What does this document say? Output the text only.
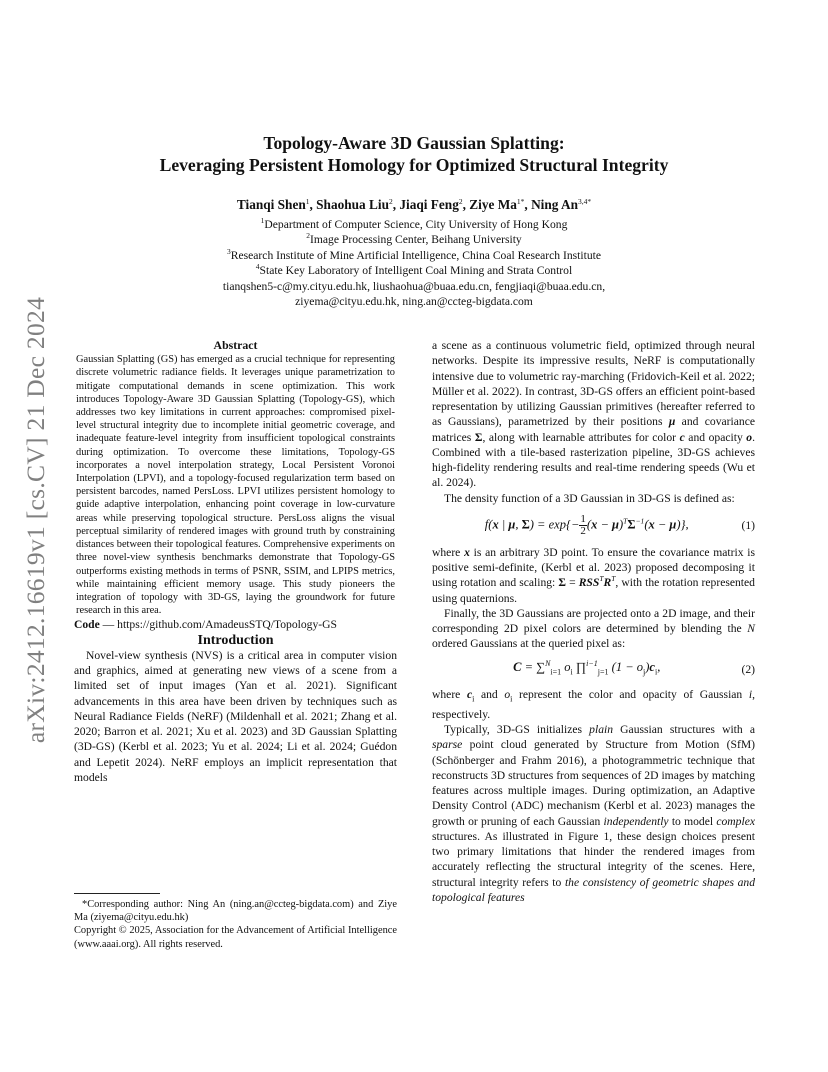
arXiv:2412.16619v1 [cs.CV] 21 Dec 2024

Topology-Aware 3D Gaussian Splatting:

Leveraging Persistent Homology for Optimized Structural Integrity

Tianqi Shen$^1$, Shaohua Liu$^2$, Jiaqi Feng$^2$, Ziye $Ma^{1*}$, Ning $An^{3,4*}$
$^1$Department of Computer Science, City University of Hong Kong
$^2$Image Processing Center, Beihang University
$^3$Research Institute of Mine Artificial Intelligence, China Coal Research Institute
$^4$State Key Laboratory of Intelligent Coal Mining and Strata Control
tianqshen5-c@my.cityu.edu.hk, liushaohua@buaa.edu.cn, fengjiaqi@buaa.edu.cn,
ziyema@cityu.edu.hk, ning.an@ccteg-bigdata.com

Abstract

Gaussian Splatting (GS) has emerged as a crucial technique for representing discrete volumetric radiance fields. It leverages unique parametrization to mitigate computational demands in scene optimization. This work introduces Topology-Aware 3D Gaussian Splatting (Topology-GS), which addresses two key limitations in current approaches: compromised pixel-level structural integrity due to incomplete initial geometric coverage, and inadequate feature-level integrity from insufficient topological constraints during optimization. To overcome these limitations, Topology-GS incorporates a novel interpolation strategy, Local Persistent Voronoi Interpolation (LPVI), and a topology-focused regularization term based on persistent barcodes, named PersLoss. LPVI utilizes persistent homology to guide adaptive interpolation, enhancing point coverage in low-curvature areas while preserving topological structure. PersLoss aligns the visual perceptual similarity of rendered images with ground truth by constraining distances between their topological features. Comprehensive experiments on three novel-view synthesis benchmarks demonstrate that Topology-GS outperforms existing methods in terms of PSNR, SSIM, and LPIPS metrics, while maintaining efficient memory usage. This study pioneers the integration of topology with 3D-GS, laying the groundwork for future research in this area.

Code — https://github.com/AmadeusSTQ/Topology-GS

Introduction

Novel-view synthesis (NVS) is a critical area in computer vision and graphics, aimed at generating new views of a scene from a limited set of input images (Yan et al. 2021). Significant advancements in this area have been driven by techniques such as Neural Radiance Fields (NeRF) (Mildenhall et al. 2021; Zhang et al. 2020; Barron et al. 2021; Xu et al. 2023) and 3D Gaussian Splatting (3D-GS) (Kerbl et al. 2023; Yu et al. 2024; Li et al. 2024; Guédon and Lepetit 2024). NeRF employs an implicit representation that models

*Corresponding author: Ning An (ning.an@ccteg-bigdata.com) and Ziye Ma (ziyema@cityu.edu.hk)

Copyright © 2025, Association for the Advancement of Artificial Intelligence (www.aaai.org). All rights reserved.

a scene as a continuous volumetric field, optimized through neural networks. Despite its impressive results, NeRF is computationally intensive due to volumetric ray-marching (Fridovich-Keil et al. 2022; Müller et al. 2022). In contrast, 3D-GS offers an efficient point-based representation by utilizing Gaussian primitives (hereafter referred to as Gaussians), parametrized by their positions μ and covariance matrices Σ, along with learnable attributes for color c and opacity o. Combined with a tile-based rasterization pipeline, 3D-GS achieves high-fidelity rendering results and real-time rendering speeds (Wu et al. 2024).

The density function of a 3D Gaussian in 3D-GS is defined as:

f(x | μ, $\Sigma) = \exp\{- \frac{1}{2} (x - \mu)^T\Sigma^{-1}(x - \mu)\}$,	(1)

where x is an arbitrary 3D point. To ensure the covariance matrix is positive semi-definite, (Kerbl et al. 2023) proposed decomposing it using rotation and scaling: $\Sigma = RSS^TR^T$, with the rotation represented using quaternions.

Finally, the 3D Gaussians are projected onto a 2D image, and their corresponding 2D pixel colors are determined by blending the N ordered Gaussians at the queried pixel as:

C = ∑$^N_{i=1}$ $o_i$ ∏$^{i-1}_{j=1}$ $(1 - o_j)c_i$,	(2)

where $c_i$ and $o_i$ represent the color and opacity of Gaussian i, respectively.

Typically, 3D-GS initializes plain Gaussian structures with a sparse point cloud generated by Structure from Motion (SfM) (Schönberger and Frahm 2016), a photogrammetric technique that reconstructs 3D structures from sequences of 2D images by matching features across multiple images. During optimization, an Adaptive Density Control (ADC) mechanism (Kerbl et al. 2023) manages the growth or pruning of each Gaussian independently to model complex structures. As illustrated in Figure 1, these design choices present two primary limitations that hinder the rendered images from accurately reflecting the structural integrity of the scenes. Here, structural integrity refers to the consistency of geometric shapes and topological features
